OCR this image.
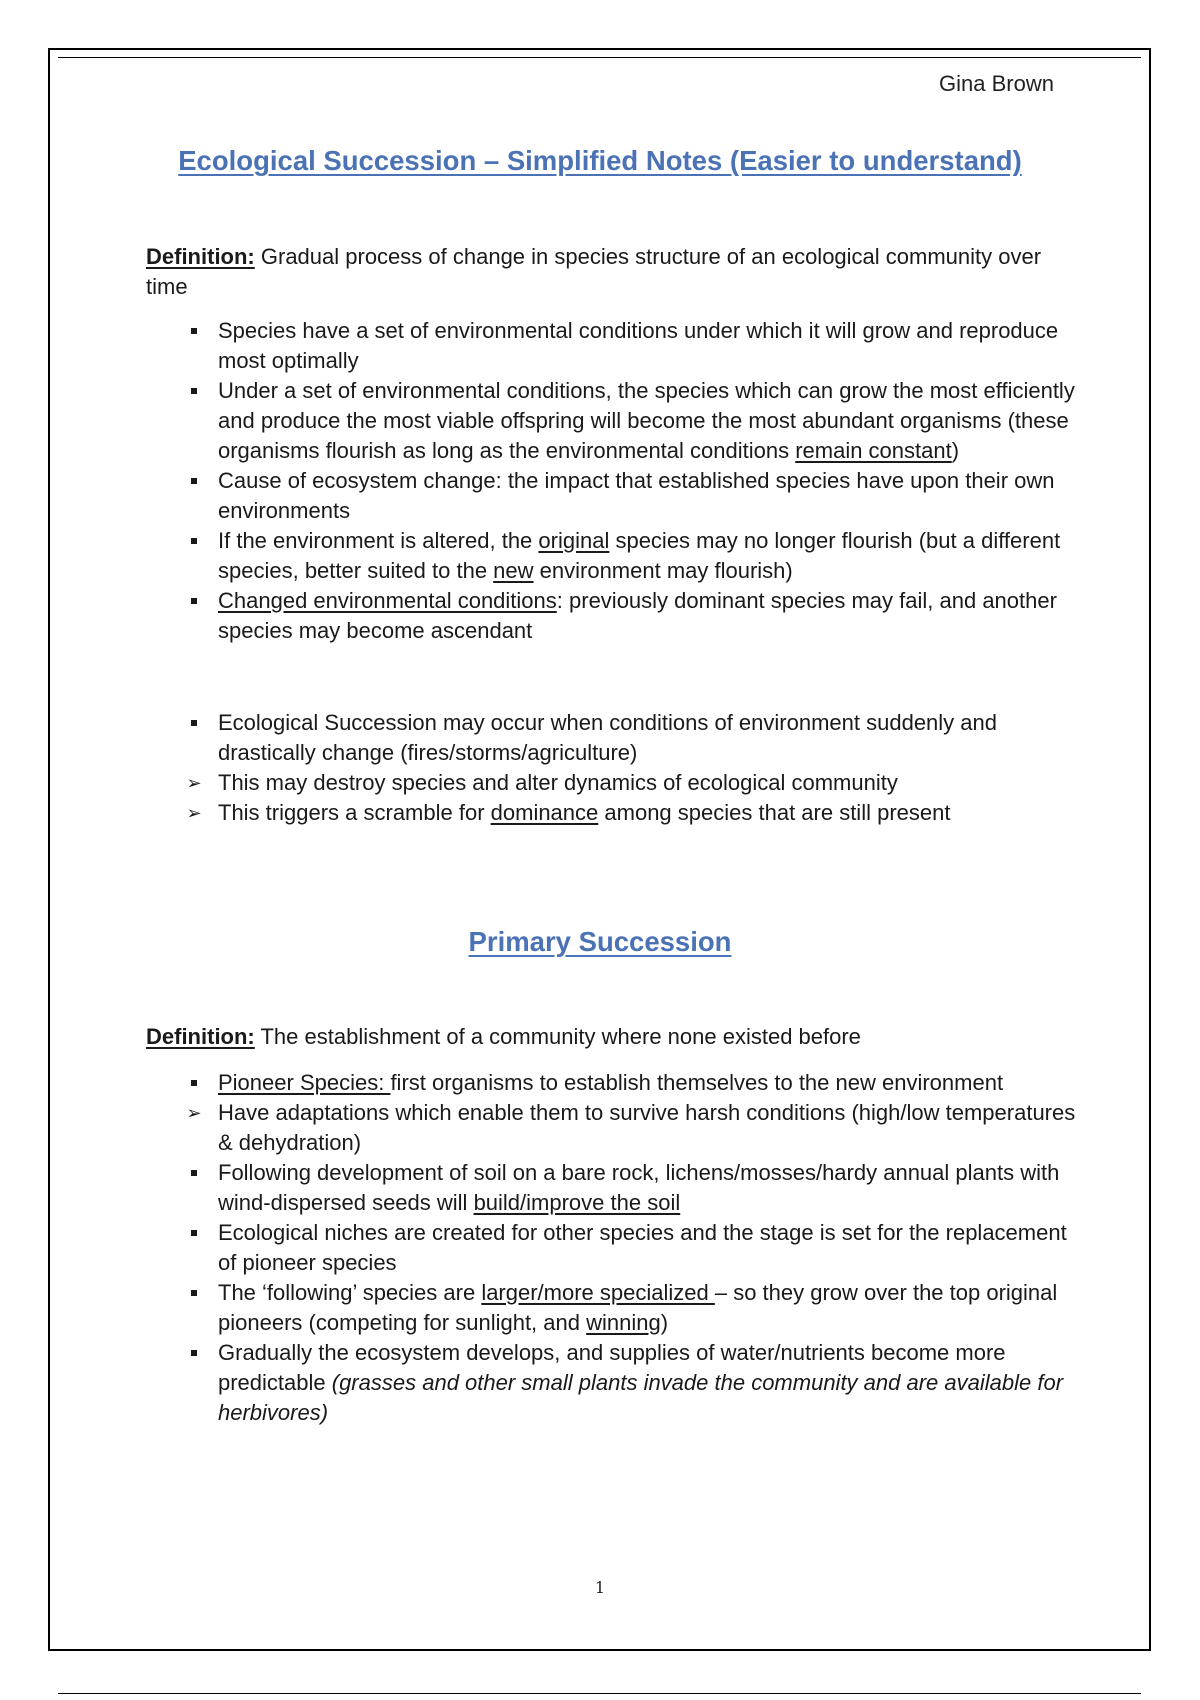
Gina Brown
Ecological Succession – Simplified Notes (Easier to understand)

Definition: Gradual process of change in species structure of an ecological community over time

Species have a set of environmental conditions under which it will grow and reproduce most optimally
Under a set of environmental conditions, the species which can grow the most efficiently and produce the most viable offspring will become the most abundant organisms (these organisms flourish as long as the environmental conditions remain constant)
Cause of ecosystem change: the impact that established species have upon their own environments
If the environment is altered, the original species may no longer flourish (but a different species, better suited to the new environment may flourish)
Changed environmental conditions: previously dominant species may fail, and another species may become ascendant
Ecological Succession may occur when conditions of environment suddenly and drastically change (fires/storms/agriculture)
➢ This may destroy species and alter dynamics of ecological community
➢ This triggers a scramble for dominance among species that are still present
Primary Succession

Definition: The establishment of a community where none existed before

Pioneer Species: first organisms to establish themselves to the new environment
➢ Have adaptations which enable them to survive harsh conditions (high/low temperatures & dehydration)
Following development of soil on a bare rock, lichens/mosses/hardy annual plants with wind-dispersed seeds will build/improve the soil
Ecological niches are created for other species and the stage is set for the replacement of pioneer species
The ‘following’ species are larger/more specialized – so they grow over the top original pioneers (competing for sunlight, and winning)
Gradually the ecosystem develops, and supplies of water/nutrients become more predictable (grasses and other small plants invade the community and are available for herbivores)
1
